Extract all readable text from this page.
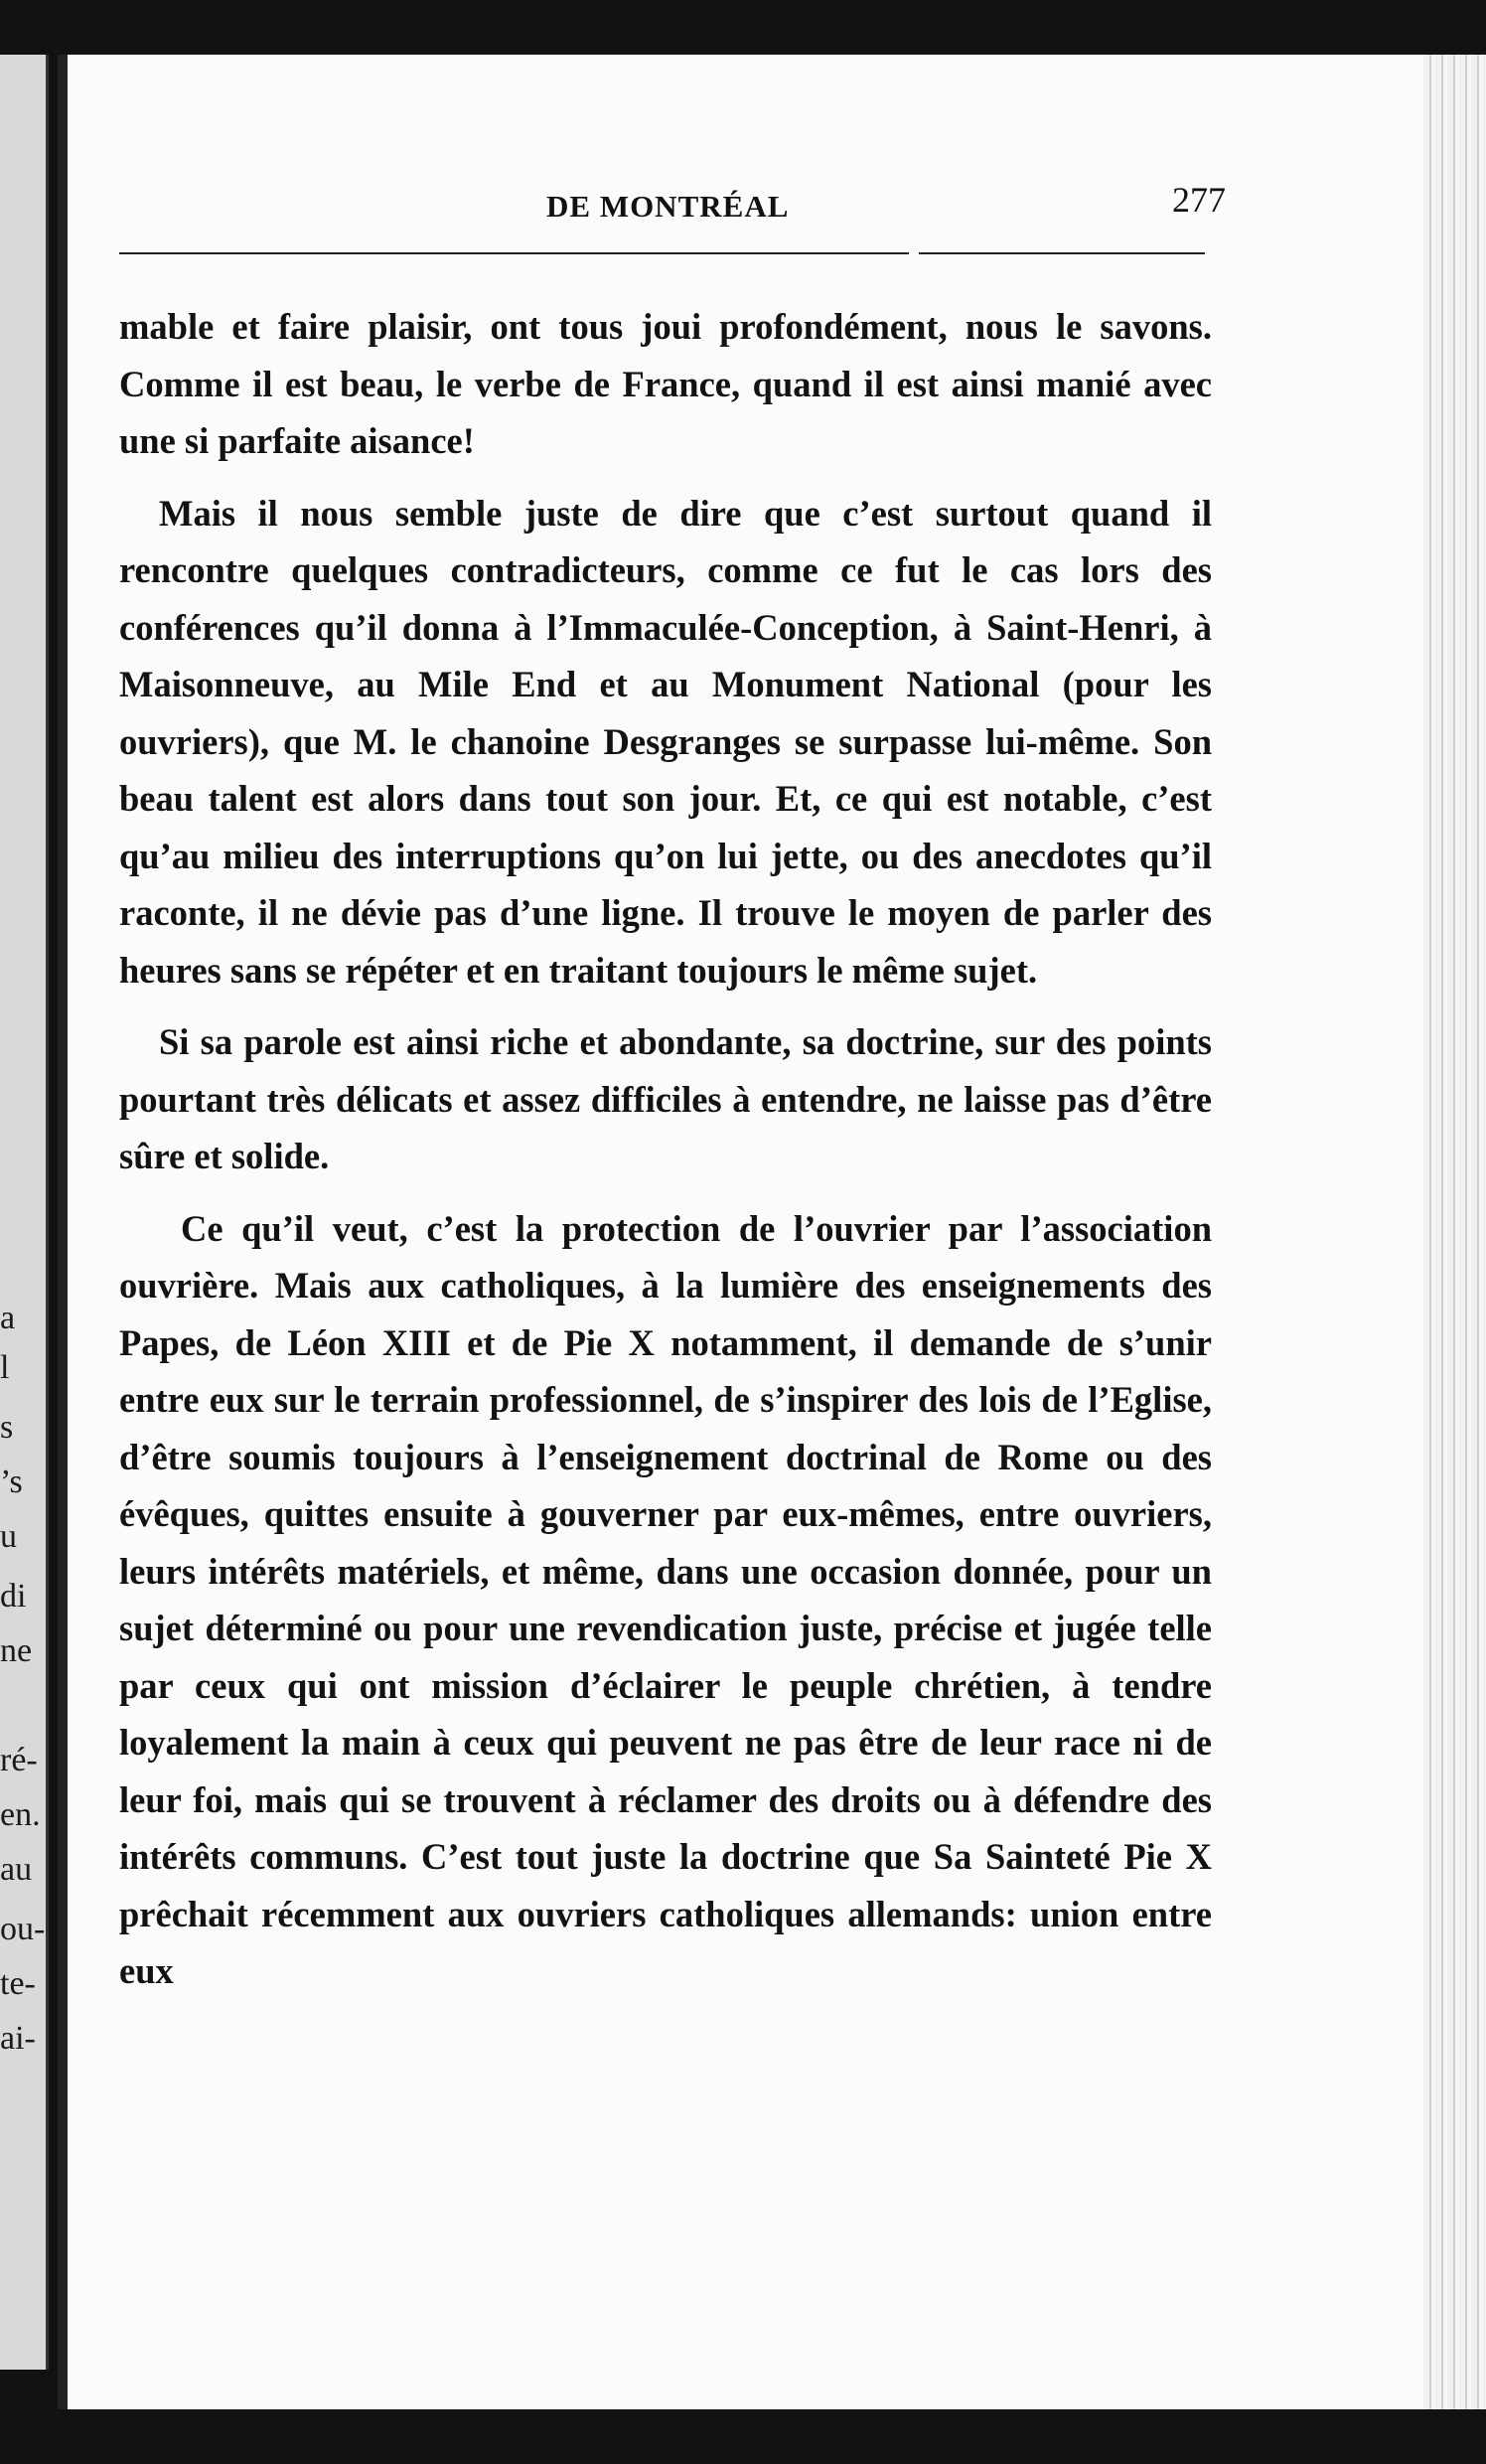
a
l
s
’s
u
di
ne
ré-
en.
au
ou-
te-
ai-
DE MONTRÉAL	277

mable et faire plaisir, ont tous joui profondément, nous le savons. Comme il est beau, le verbe de France, quand il est ainsi manié avec une si parfaite aisance!

Mais il nous semble juste de dire que c’est surtout quand il rencontre quelques contradicteurs, comme ce fut le cas lors des conférences qu’il donna à l’Immaculée-Conception, à Saint-Henri, à Maisonneuve, au Mile End et au Monument National (pour les ouvriers), que M. le chanoine Desgranges se surpasse lui-même. Son beau talent est alors dans tout son jour. Et, ce qui est notable, c’est qu’au milieu des interruptions qu’on lui jette, ou des anecdotes qu’il raconte, il ne dévie pas d’une ligne. Il trouve le moyen de parler des heures sans se répéter et en traitant toujours le même sujet.

Si sa parole est ainsi riche et abondante, sa doctrine, sur des points pourtant très délicats et assez difficiles à entendre, ne laisse pas d’être sûre et solide.

Ce qu’il veut, c’est la protection de l’ouvrier par l’association ouvrière. Mais aux catholiques, à la lumière des enseignements des Papes, de Léon XIII et de Pie X notamment, il demande de s’unir entre eux sur le terrain professionnel, de s’inspirer des lois de l’Eglise, d’être soumis toujours à l’enseignement doctrinal de Rome ou des évêques, quittes ensuite à gouverner par eux-mêmes, entre ouvriers, leurs intérêts matériels, et même, dans une occasion donnée, pour un sujet déterminé ou pour une revendication juste, précise et jugée telle par ceux qui ont mission d’éclairer le peuple chrétien, à tendre loyalement la main à ceux qui peuvent ne pas être de leur race ni de leur foi, mais qui se trouvent à réclamer des droits ou à défendre des intérêts communs. C’est tout juste la doctrine que Sa Sainteté Pie X prêchait récemment aux ouvriers catholiques allemands: union entre eux
